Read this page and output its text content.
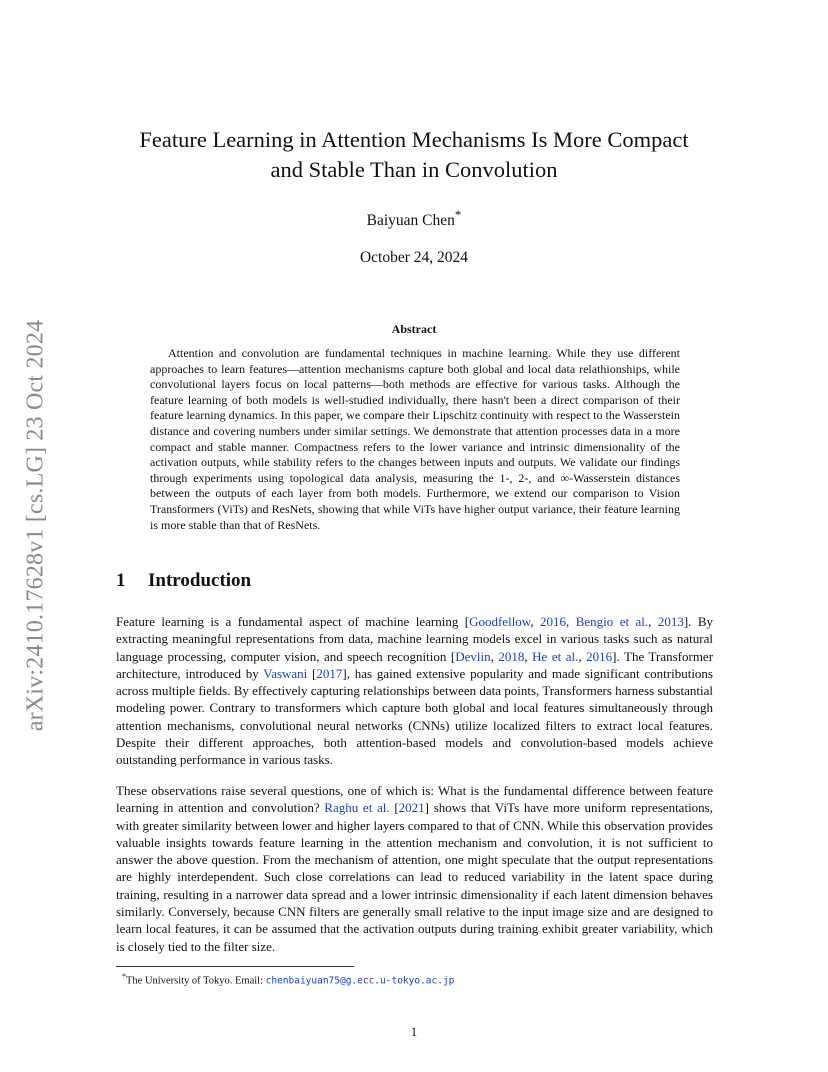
arXiv:2410.17628v1 [cs.LG] 23 Oct 2024
Feature Learning in Attention Mechanisms Is More Compact
and Stable Than in Convolution
Baiyuan Chen*
October 24, 2024
Abstract

Attention and convolution are fundamental techniques in machine learning. While they use different approaches to learn features—attention mechanisms capture both global and local data relathionships, while convolutional layers focus on local patterns—both methods are effective for various tasks. Although the feature learning of both models is well-studied individually, there hasn't been a direct comparison of their feature learning dynamics. In this paper, we compare their Lipschitz continuity with respect to the Wasserstein distance and covering numbers under similar settings. We demonstrate that attention processes data in a more compact and stable manner. Compactness refers to the lower variance and intrinsic dimensionality of the activation outputs, while stability refers to the changes between inputs and outputs. We validate our findings through experiments using topological data analysis, measuring the 1-, 2-, and ∞-Wasserstein distances between the outputs of each layer from both models. Furthermore, we extend our comparison to Vision Transformers (ViTs) and ResNets, showing that while ViTs have higher output variance, their feature learning is more stable than that of ResNets.

1 Introduction

Feature learning is a fundamental aspect of machine learning [Goodfellow, 2016, Bengio et al., 2013]. By extracting meaningful representations from data, machine learning models excel in various tasks such as natural language processing, computer vision, and speech recognition [Devlin, 2018, He et al., 2016]. The Transformer architecture, introduced by Vaswani [2017], has gained extensive popularity and made significant contributions across multiple fields. By effectively capturing relationships between data points, Transformers harness substantial modeling power. Contrary to transformers which capture both global and local features simultaneously through attention mechanisms, convolutional neural networks (CNNs) utilize localized filters to extract local features. Despite their different approaches, both attention-based models and convolution-based models achieve outstanding performance in various tasks.

These observations raise several questions, one of which is: What is the fundamental difference between feature learning in attention and convolution? Raghu et al. [2021] shows that ViTs have more uniform representations, with greater similarity between lower and higher layers compared to that of CNN. While this observation provides valuable insights towards feature learning in the attention mechanism and convolution, it is not sufficient to answer the above question. From the mechanism of attention, one might speculate that the output representations are highly interdependent. Such close correlations can lead to reduced variability in the latent space during training, resulting in a narrower data spread and a lower intrinsic dimensionality if each latent dimension behaves similarly. Conversely, because CNN filters are generally small relative to the input image size and are designed to learn local features, it can be assumed that the activation outputs during training exhibit greater variability, which is closely tied to the filter size.

*The University of Tokyo. Email: chenbaiyuan75@g.ecc.u-tokyo.ac.jp
1
